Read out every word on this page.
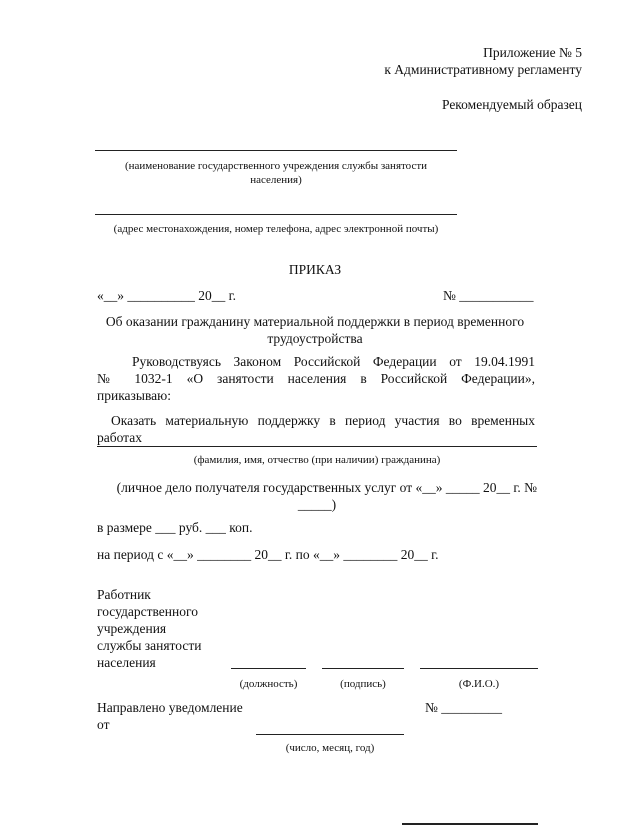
Приложение № 5
к Административному регламенту
Рекомендуемый образец
(наименование государственного учреждения службы занятости
населения)
(адрес местонахождения, номер телефона, адрес электронной почты)
ПРИКАЗ
«__» __________ 20__ г.	№ ___________
Об оказании гражданину материальной поддержки в период временного
трудоустройства
Руководствуясь Законом Российской Федерации от 19.04.1991
№ 1032-1 «О занятости населения в Российской Федерации»,
приказываю:
Оказать материальную поддержку в период участия во временных
работах
(фамилия, имя, отчество (при наличии) гражданина)
(личное дело получателя государственных услуг от «__» _____ 20__ г. №
_____)
в размере ___ руб. ___ коп.
на период с «__» ________ 20__ г. по «__» ________ 20__ г.
Работник
государственного
учреждения
службы занятости
населения
(должность)	(подпись)	(Ф.И.О.)
Направлено уведомление
от
№ _________
(число, месяц, год)
